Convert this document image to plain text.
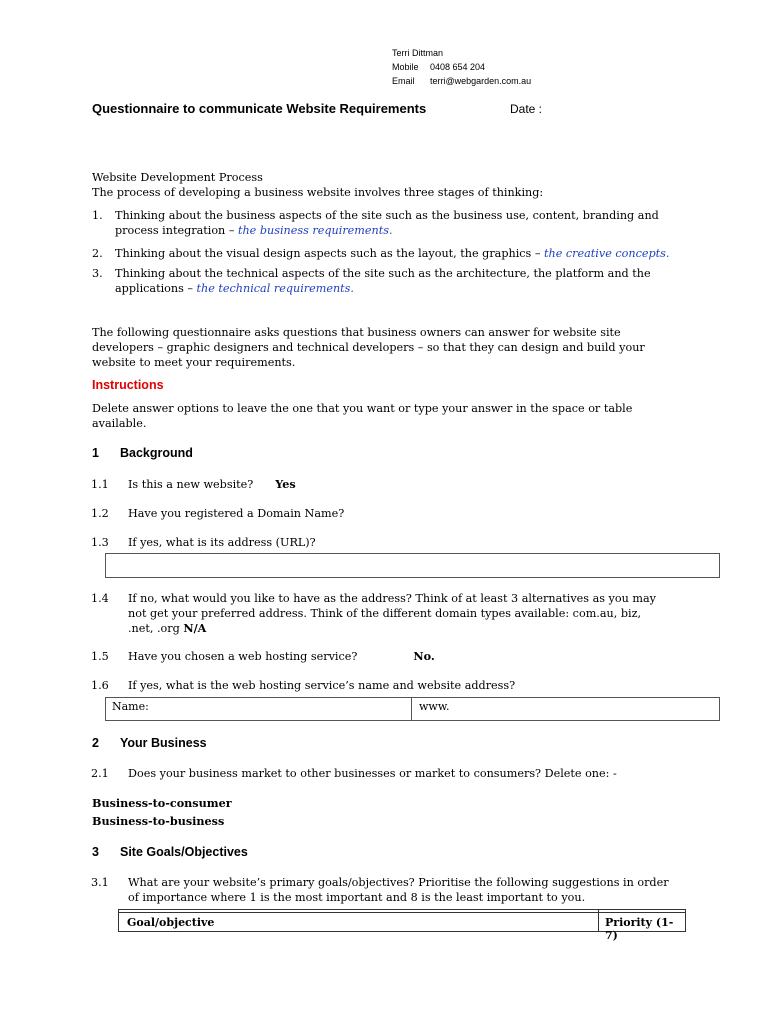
Terri Dittman
Mobile 0408 654 204
Email terri@webgarden.com.au
Questionnaire to communicate Website Requirements	Date :
Website Development Process
The process of developing a business website involves three stages of thinking:
1. Thinking about the business aspects of the site such as the business use, content, branding and
process integration – the business requirements.
2. Thinking about the visual design aspects such as the layout, the graphics – the creative concepts.
3. Thinking about the technical aspects of the site such as the architecture, the platform and the
applications – the technical requirements.
The following questionnaire asks questions that business owners can answer for website site
developers – graphic designers and technical developers – so that they can design and build your
website to meet your requirements.
Instructions
Delete answer options to leave the one that you want or type your answer in the space or table
available.
1 Background
1.1 Is this a new website? Yes
1.2 Have you registered a Domain Name?
1.3 If yes, what is its address (URL)?
1.4 If no, what would you like to have as the address? Think of at least 3 alternatives as you may
not get your preferred address. Think of the different domain types available: com.au, biz,
.net, .org N/A
1.5 Have you chosen a web hosting service?	No.
1.6 If yes, what is the web hosting service’s name and website address?
Name:	www.
2 Your Business
2.1 Does your business market to other businesses or market to consumers? Delete one: -
Business-to-consumer
Business-to-business
3 Site Goals/Objectives
3.1 What are your website’s primary goals/objectives? Prioritise the following suggestions in order
of importance where 1 is the most important and 8 is the least important to you.
Goal/objective	Priority (1-7)
